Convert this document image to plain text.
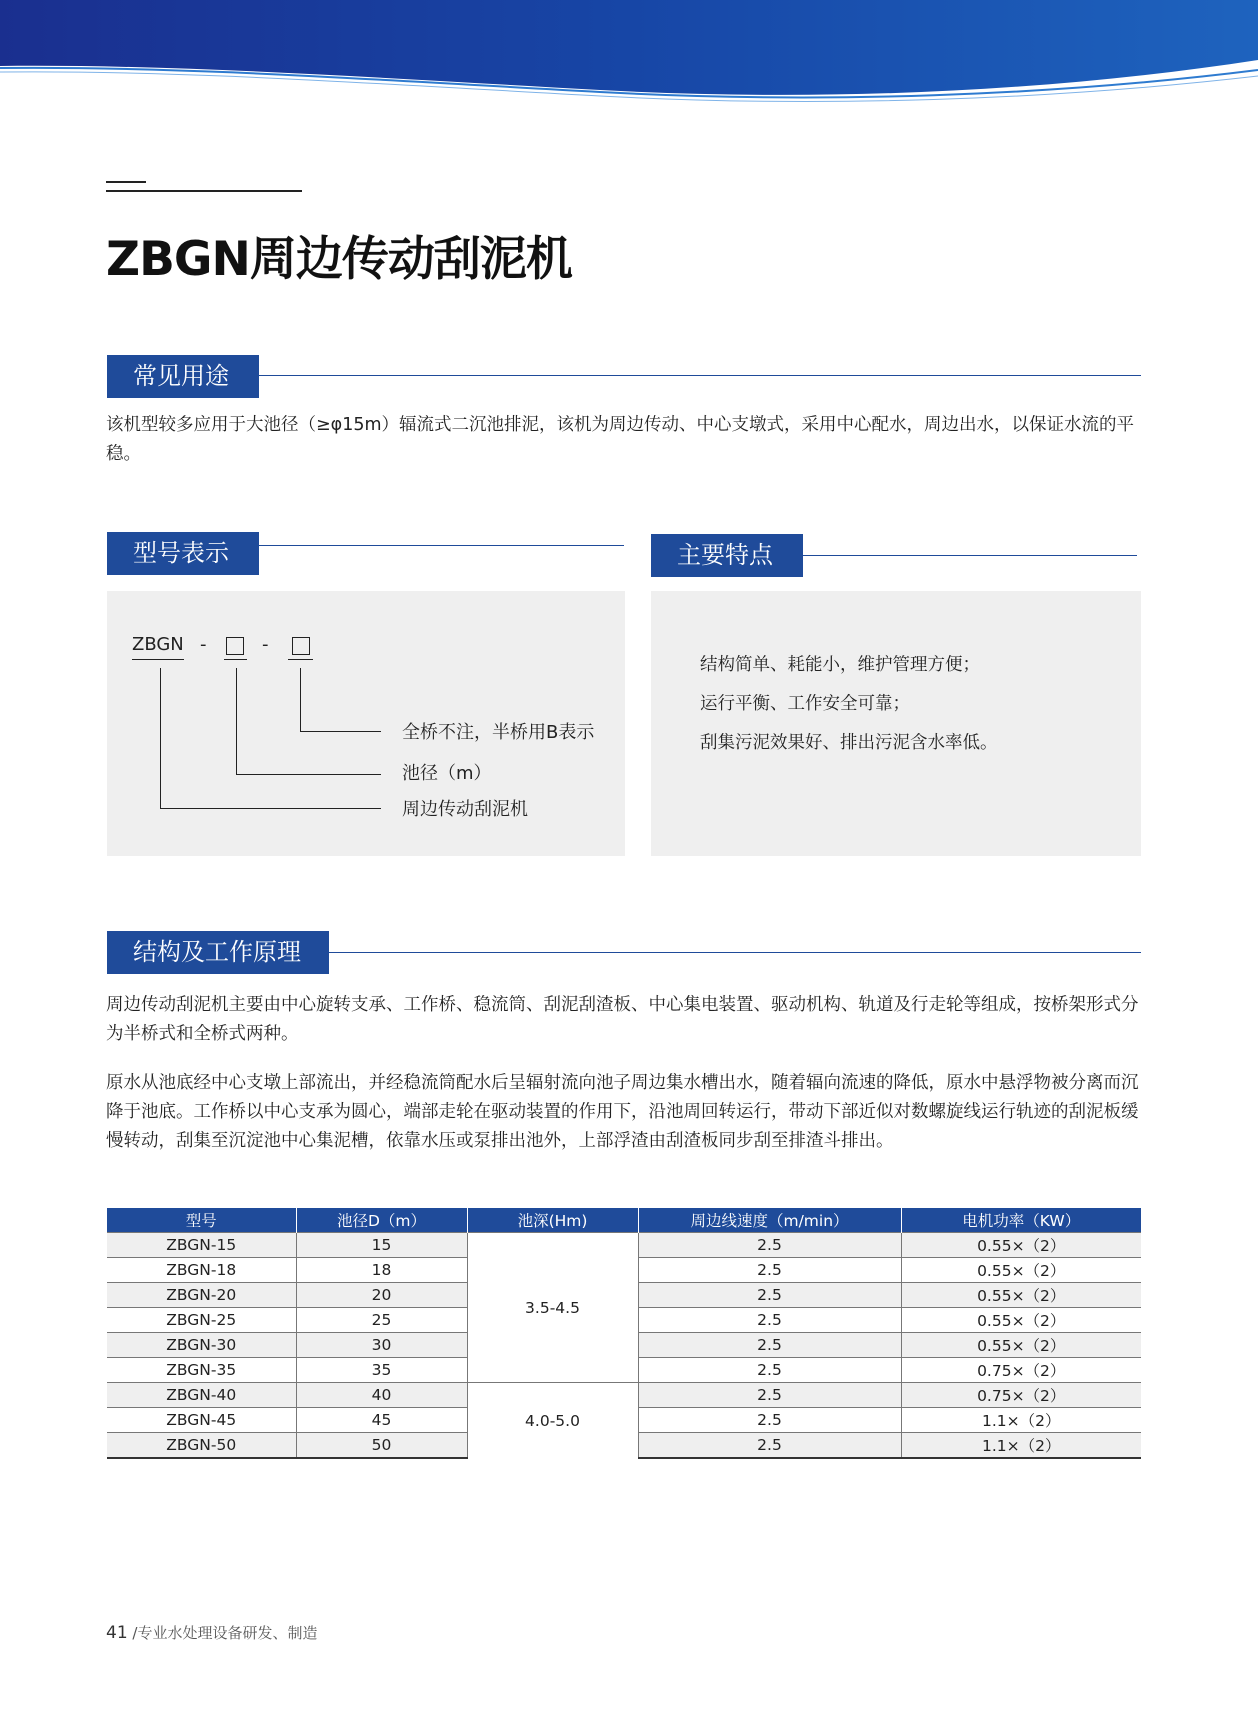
ZBGN周边传动刮泥机
常见用途
该机型较多应用于大池径（≥φ15m）辐流式二沉池排泥，该机为周边传动、中心支墩式，采用中心配水，周边出水，以保证水流的平稳。
型号表示	主要特点
ZBGN -	-
全桥不注，半桥用B表示
池径（m）
周边传动刮泥机
结构简单、耗能小，维护管理方便；
运行平衡、工作安全可靠；
刮集污泥效果好、排出污泥含水率低。
结构及工作原理
周边传动刮泥机主要由中心旋转支承、工作桥、稳流筒、刮泥刮渣板、中心集电装置、驱动机构、轨道及行走轮等组成，按桥架形式分为半桥式和全桥式两种。
原水从池底经中心支墩上部流出，并经稳流筒配水后呈辐射流向池子周边集水槽出水，随着辐向流速的降低，原水中悬浮物被分离而沉降于池底。工作桥以中心支承为圆心，端部走轮在驱动装置的作用下，沿池周回转运行，带动下部近似对数螺旋线运行轨迹的刮泥板缓慢转动，刮集至沉淀池中心集泥槽，依靠水压或泵排出池外，上部浮渣由刮渣板同步刮至排渣斗排出。
型号	池径D（m）	池深(Hm)	周边线速度（m/min）	电机功率（KW）
ZBGN-15	15	3.5-4.5	2.5	0.55×（2）
ZBGN-18	18		2.5	0.55×（2）
ZBGN-20	20		2.5	0.55×（2）
ZBGN-25	25		2.5	0.55×（2）
ZBGN-30	30		2.5	0.55×（2）
ZBGN-35	35		2.5	0.75×（2）
ZBGN-40	40	4.0-5.0	2.5	0.75×（2）
ZBGN-45	45		2.5	1.1×（2）
ZBGN-50	50		2.5	1.1×（2）
41 /专业水处理设备研发、制造
